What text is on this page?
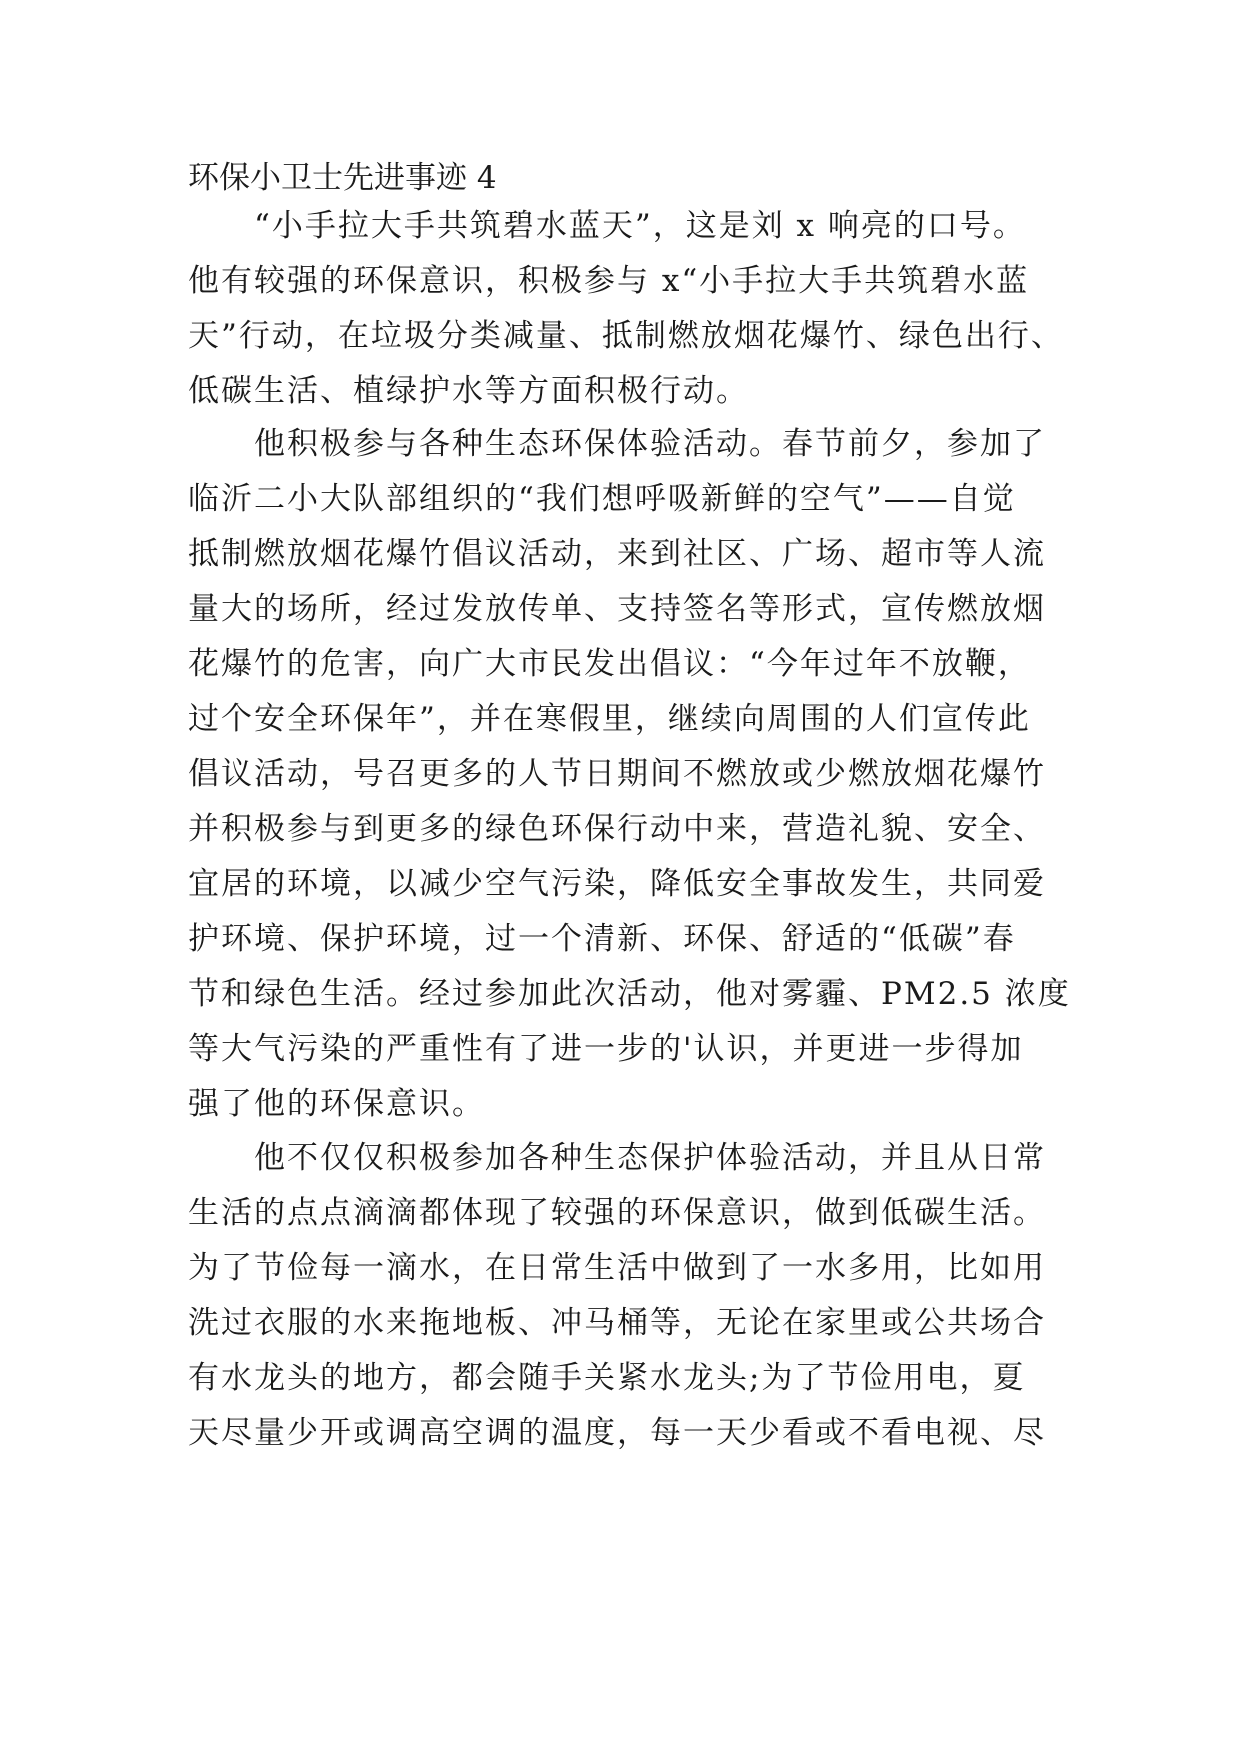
环保小卫士先进事迹 4
“小手拉大手共筑碧水蓝天”，这是刘 x 响亮的口号。
他有较强的环保意识，积极参与 x“小手拉大手共筑碧水蓝
天”行动，在垃圾分类减量、抵制燃放烟花爆竹、绿色出行、
低碳生活、植绿护水等方面积极行动。
他积极参与各种生态环保体验活动。春节前夕，参加了
临沂二小大队部组织的“我们想呼吸新鲜的空气”——自觉
抵制燃放烟花爆竹倡议活动，来到社区、广场、超市等人流
量大的场所，经过发放传单、支持签名等形式，宣传燃放烟
花爆竹的危害，向广大市民发出倡议：“今年过年不放鞭，
过个安全环保年”，并在寒假里，继续向周围的人们宣传此
倡议活动，号召更多的人节日期间不燃放或少燃放烟花爆竹
并积极参与到更多的绿色环保行动中来，营造礼貌、安全、
宜居的环境，以减少空气污染，降低安全事故发生，共同爱
护环境、保护环境，过一个清新、环保、舒适的“低碳”春
节和绿色生活。经过参加此次活动，他对雾霾、PM2.5 浓度
等大气污染的严重性有了进一步的'认识，并更进一步得加
强了他的环保意识。
他不仅仅积极参加各种生态保护体验活动，并且从日常
生活的点点滴滴都体现了较强的环保意识，做到低碳生活。
为了节俭每一滴水，在日常生活中做到了一水多用，比如用
洗过衣服的水来拖地板、冲马桶等，无论在家里或公共场合
有水龙头的地方，都会随手关紧水龙头;为了节俭用电，夏
天尽量少开或调高空调的温度，每一天少看或不看电视、尽
